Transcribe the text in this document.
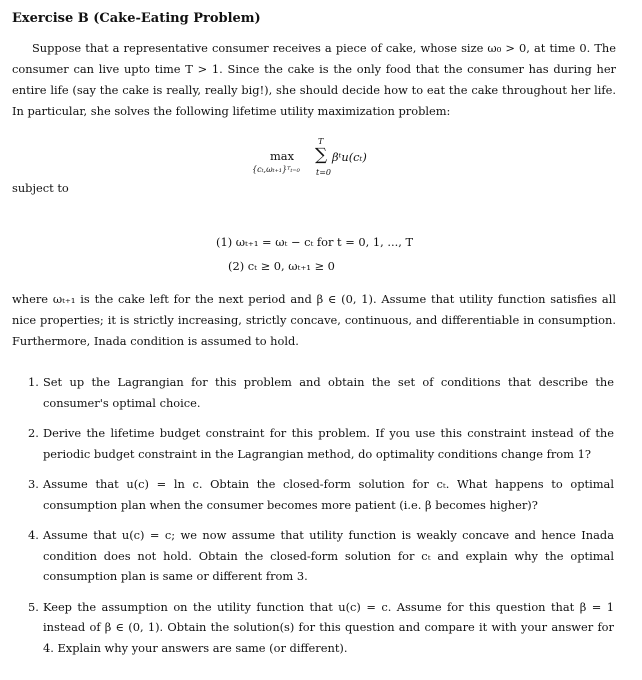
Exercise B (Cake-Eating Problem)
Suppose that a representative consumer receives a piece of cake, whose size ω₀ > 0, at time 0. The consumer can live upto time T > 1. Since the cake is the only food that the consumer has during her entire life (say the cake is really, really big!), she should decide how to eat the cake throughout her life. In particular, she solves the following lifetime utility maximization problem:
max
{cₜ,ωₜ₊₁}ᵀₜ₌₀
T
∑ βᵗu(cₜ)
t=0
subject to
(1) ωₜ₊₁ = ωₜ − cₜ for t = 0, 1, ..., T
(2) cₜ ≥ 0, ωₜ₊₁ ≥ 0
where ωₜ₊₁ is the cake left for the next period and β ∈ (0, 1). Assume that utility function satisfies all nice properties; it is strictly increasing, strictly concave, continuous, and differentiable in consumption. Furthermore, Inada condition is assumed to hold.
1. Set up the Lagrangian for this problem and obtain the set of conditions that describe the consumer's optimal choice.
2. Derive the lifetime budget constraint for this problem. If you use this constraint instead of the periodic budget constraint in the Lagrangian method, do optimality conditions change from 1?
3. Assume that u(c) = ln c. Obtain the closed-form solution for cₜ. What happens to optimal consumption plan when the consumer becomes more patient (i.e. β becomes higher)?
4. Assume that u(c) = c; we now assume that utility function is weakly concave and hence Inada condition does not hold. Obtain the closed-form solution for cₜ and explain why the optimal consumption plan is same or different from 3.
5. Keep the assumption on the utility function that u(c) = c. Assume for this question that β = 1 instead of β ∈ (0, 1). Obtain the solution(s) for this question and compare it with your answer for 4. Explain why your answers are same (or different).
